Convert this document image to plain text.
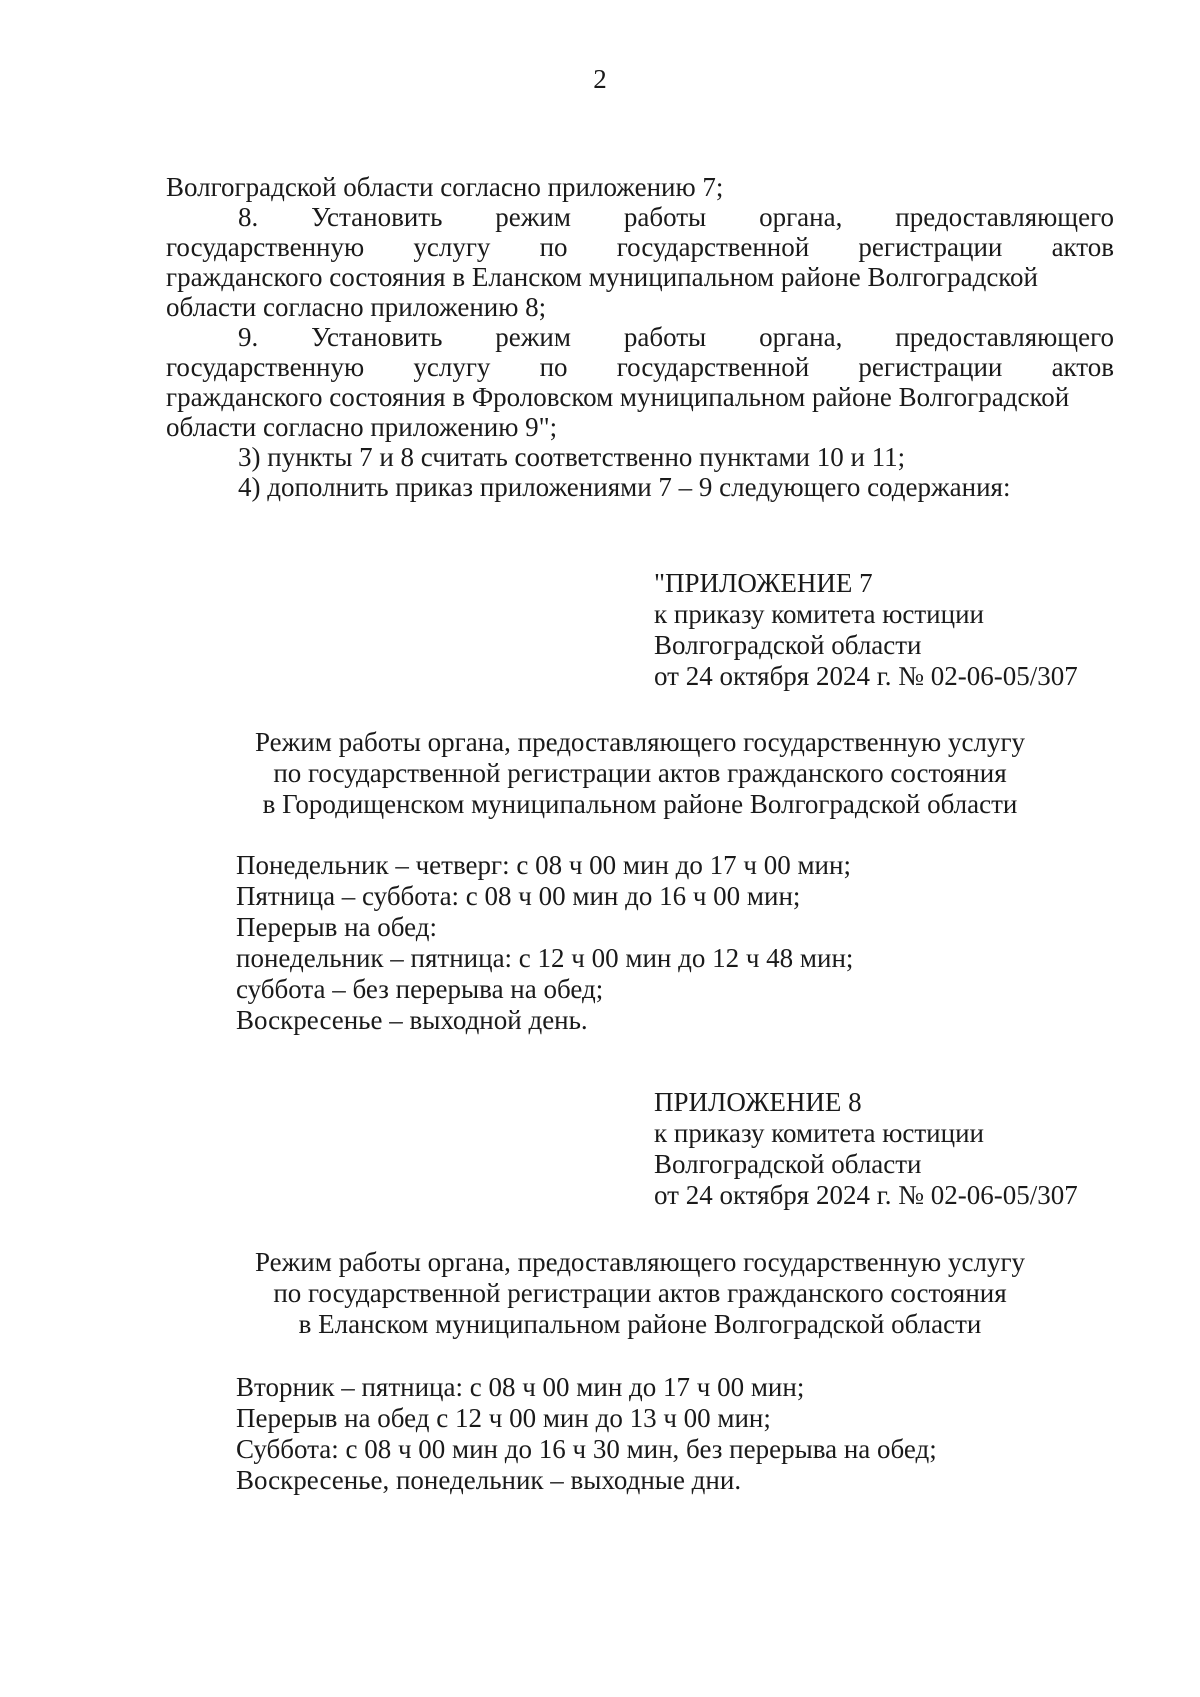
2
Волгоградской области согласно приложению 7;
8. Установить режим работы органа, предоставляющего
государственную услугу по государственной регистрации актов
гражданского состояния в Еланском муниципальном районе Волгоградской
области согласно приложению 8;
9. Установить режим работы органа, предоставляющего
государственную услугу по государственной регистрации актов
гражданского состояния в Фроловском муниципальном районе Волгоградской
области согласно приложению 9";
3) пункты 7 и 8 считать соответственно пунктами 10 и 11;
4) дополнить приказ приложениями 7 – 9 следующего содержания:
"ПРИЛОЖЕНИЕ 7
к приказу комитета юстиции
Волгоградской области
от 24 октября 2024 г. № 02-06-05/307
Режим работы органа, предоставляющего государственную услугу
по государственной регистрации актов гражданского состояния
в Городищенском муниципальном районе Волгоградской области
Понедельник – четверг: с 08 ч 00 мин до 17 ч 00 мин;
Пятница – суббота: с 08 ч 00 мин до 16 ч 00 мин;
Перерыв на обед:
понедельник – пятница: с 12 ч 00 мин до 12 ч 48 мин;
суббота – без перерыва на обед;
Воскресенье – выходной день.
ПРИЛОЖЕНИЕ 8
к приказу комитета юстиции
Волгоградской области
от 24 октября 2024 г. № 02-06-05/307
Режим работы органа, предоставляющего государственную услугу
по государственной регистрации актов гражданского состояния
в Еланском муниципальном районе Волгоградской области
Вторник – пятница: с 08 ч 00 мин до 17 ч 00 мин;
Перерыв на обед с 12 ч 00 мин до 13 ч 00 мин;
Суббота: с 08 ч 00 мин до 16 ч 30 мин, без перерыва на обед;
Воскресенье, понедельник – выходные дни.
